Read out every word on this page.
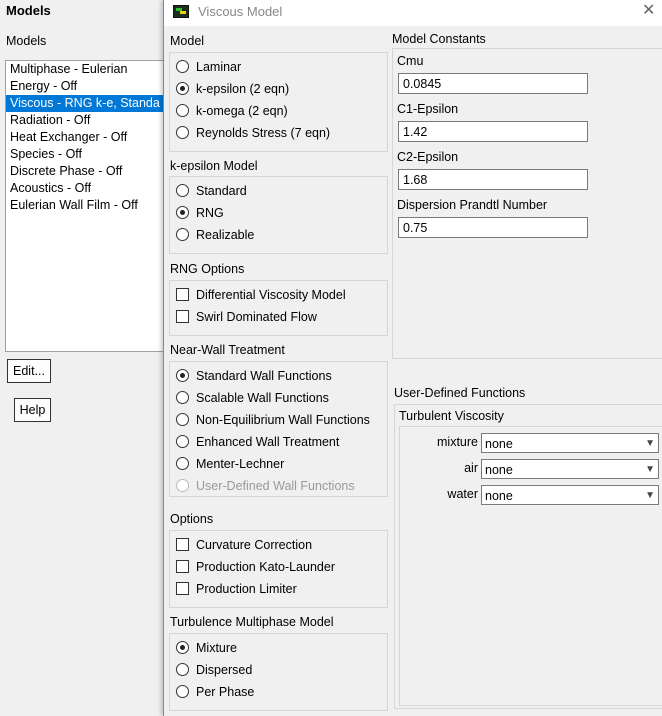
Models
Models
Multiphase - Eulerian
Energy - Off
Viscous - RNG k-e, Standa
Radiation - Off
Heat Exchanger - Off
Species - Off
Discrete Phase - Off
Acoustics - Off
Eulerian Wall Film - Off
Edit...
Help
Viscous Model	✕
Model
Laminar
k-epsilon (2 eqn)
k-omega (2 eqn)
Reynolds Stress (7 eqn)
k-epsilon Model
Standard
RNG
Realizable
RNG Options
Differential Viscosity Model
Swirl Dominated Flow
Near-Wall Treatment
Standard Wall Functions
Scalable Wall Functions
Non-Equilibrium Wall Functions
Enhanced Wall Treatment
Menter-Lechner
User-Defined Wall Functions
Options
Curvature Correction
Production Kato-Launder
Production Limiter
Turbulence Multiphase Model
Mixture
Dispersed
Per Phase
Model Constants
Cmu
0.0845
C1-Epsilon
1.42
C2-Epsilon
1.68
Dispersion Prandtl Number
0.75
User-Defined Functions
Turbulent Viscosity
mixture none	▼
air none	▼
water none	▼
